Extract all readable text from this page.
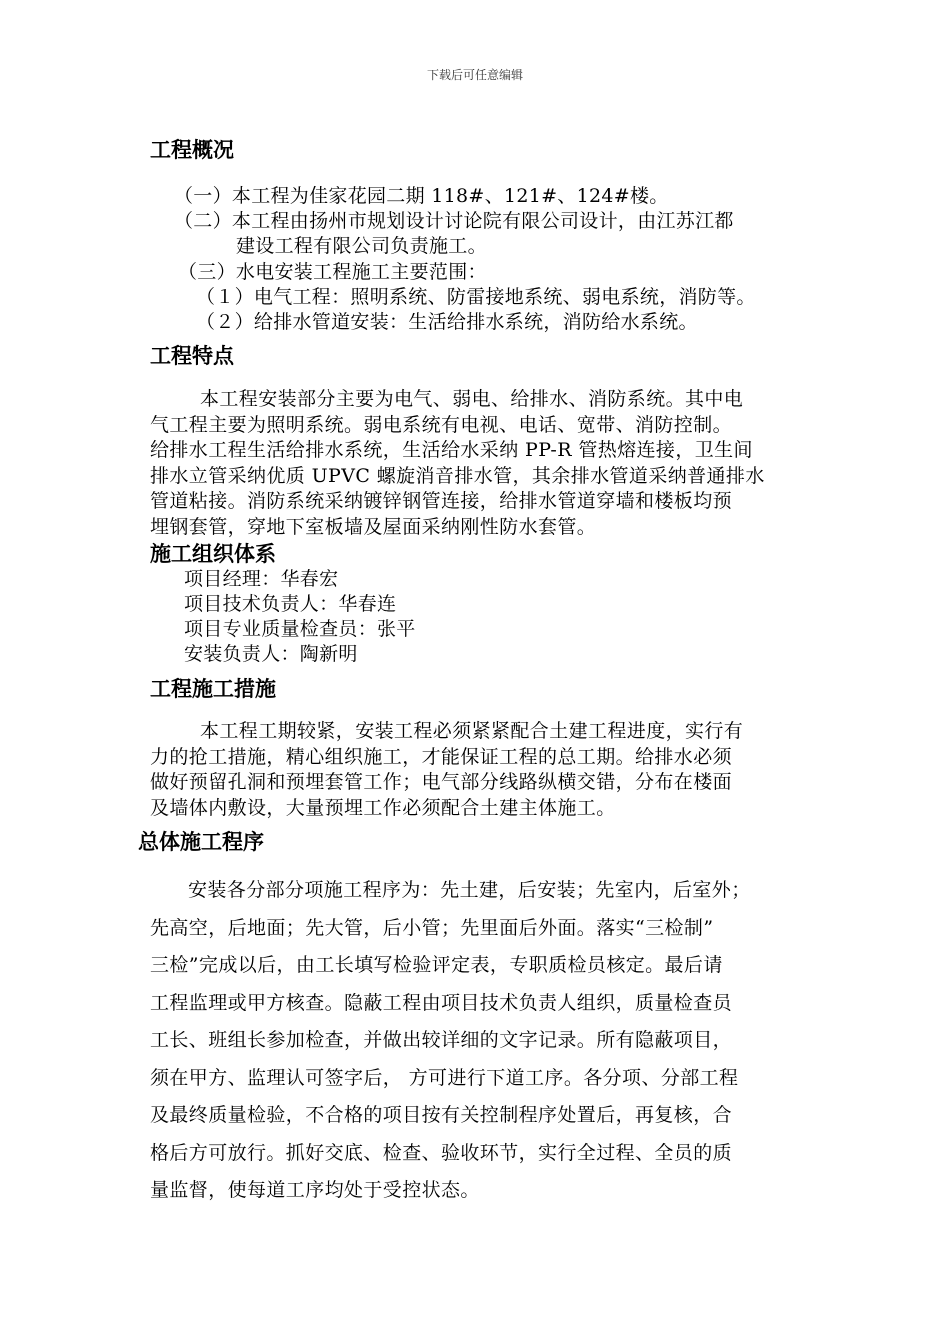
下载后可任意编辑
工程概况
（一）本工程为佳家花园二期 118#、121#、124#楼。
（二）本工程由扬州市规划设计讨论院有限公司设计，由江苏江都
建设工程有限公司负责施工。
（三）水电安装工程施工主要范围：
（１）电气工程：照明系统、防雷接地系统、弱电系统，消防等。
（２）给排水管道安装：生活给排水系统，消防给水系统。
工程特点
本工程安装部分主要为电气、弱电、给排水、消防系统。其中电
气工程主要为照明系统。弱电系统有电视、电话、宽带、消防控制。
给排水工程生活给排水系统，生活给水采纳 PP-R 管热熔连接，卫生间
排水立管采纳优质 UPVC 螺旋消音排水管，其余排水管道采纳普通排水
管道粘接。消防系统采纳镀锌钢管连接，给排水管道穿墙和楼板均预
埋钢套管，穿地下室板墙及屋面采纳刚性防水套管。
施工组织体系
项目经理：华春宏
项目技术负责人：华春连
项目专业质量检查员：张平
安装负责人：陶新明
工程施工措施
本工程工期较紧，安装工程必须紧紧配合土建工程进度，实行有
力的抢工措施，精心组织施工，才能保证工程的总工期。给排水必须
做好预留孔洞和预埋套管工作；电气部分线路纵横交错，分布在楼面
及墙体内敷设，大量预埋工作必须配合土建主体施工。
总体施工程序
安装各分部分项施工程序为：先土建，后安装；先室内，后室外；
先高空，后地面；先大管，后小管；先里面后外面。落实“三检制”
三检”完成以后，由工长填写检验评定表，专职质检员核定。最后请
工程监理或甲方核查。隐蔽工程由项目技术负责人组织，质量检查员
工长、班组长参加检查，并做出较详细的文字记录。所有隐蔽项目，
须在甲方、监理认可签字后， 方可进行下道工序。各分项、分部工程
及最终质量检验，不合格的项目按有关控制程序处置后，再复核，合
格后方可放行。抓好交底、检查、验收环节，实行全过程、全员的质
量监督，使每道工序均处于受控状态。
